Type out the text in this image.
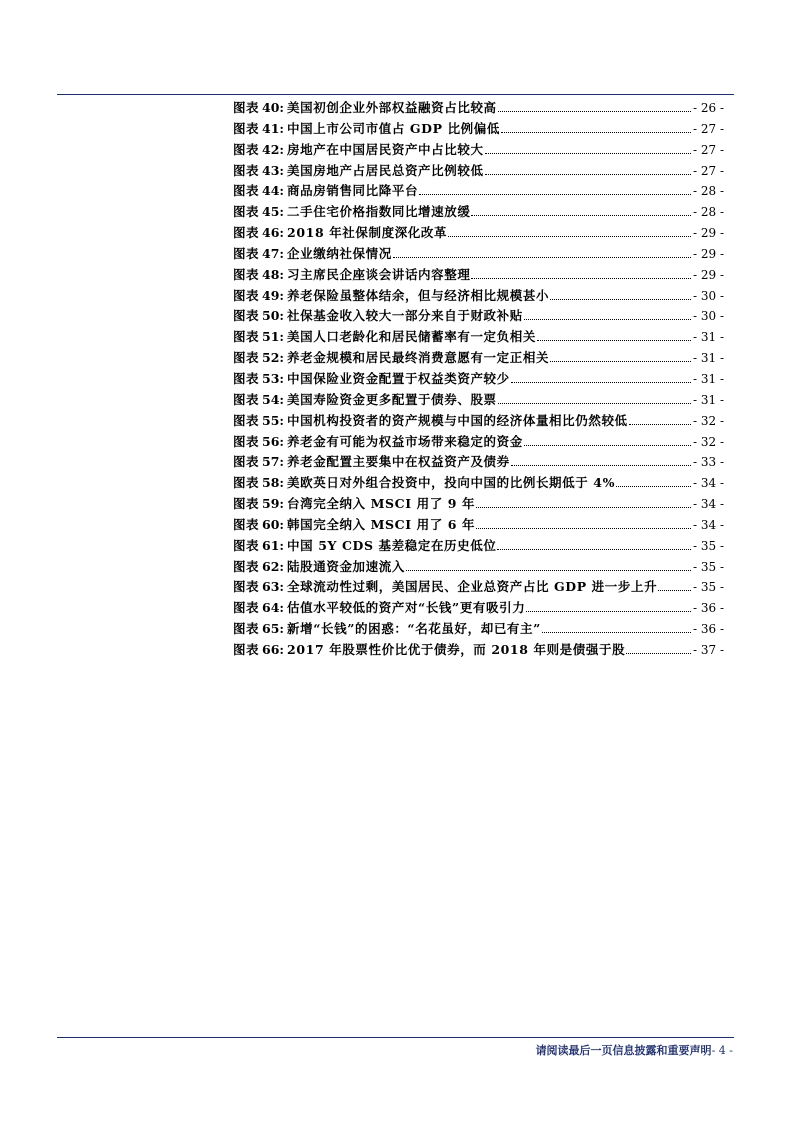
图表 40 : 美国初创企业外部权益融资占比较高	- 26 -
图表 41 : 中国上市公司市值占 GDP 比例偏低	- 27 -
图表 42 : 房地产在中国居民资产中占比较大	- 27 -
图表 43 : 美国房地产占居民总资产比例较低	- 27 -
图表 44 : 商品房销售同比降平台	- 28 -
图表 45 : 二手住宅价格指数同比增速放缓	- 28 -
图表 46 : 2018 年社保制度深化改革	- 29 -
图表 47 : 企业缴纳社保情况	- 29 -
图表 48 : 习主席民企座谈会讲话内容整理	- 29 -
图表 49 : 养老保险虽整体结余，但与经济相比规模甚小	- 30 -
图表 50 : 社保基金收入较大一部分来自于财政补贴	- 30 -
图表 51 : 美国人口老龄化和居民储蓄率有一定负相关	- 31 -
图表 52 : 养老金规模和居民最终消费意愿有一定正相关	- 31 -
图表 53 : 中国保险业资金配置于权益类资产较少	- 31 -
图表 54 : 美国寿险资金更多配置于债券、股票	- 31 -
图表 55 : 中国机构投资者的资产规模与中国的经济体量相比仍然较低	- 32 -
图表 56 : 养老金有可能为权益市场带来稳定的资金	- 32 -
图表 57 : 养老金配置主要集中在权益资产及债券	- 33 -
图表 58 : 美欧英日对外组合投资中，投向中国的比例长期低于 4%	- 34 -
图表 59 : 台湾完全纳入 MSCI 用了 9 年	- 34 -
图表 60 : 韩国完全纳入 MSCI 用了 6 年	- 34 -
图表 61 : 中国 5Y CDS 基差稳定在历史低位	- 35 -
图表 62 : 陆股通资金加速流入	- 35 -
图表 63 : 全球流动性过剩，美国居民、企业总资产占比 GDP 进一步上升	- 35 -
图表 64 : 估值水平较低的资产对“长钱”更有吸引力	- 36 -
图表 65 : 新增“长钱”的困惑：“名花虽好，却已有主”	- 36 -
图表 66 : 2017 年股票性价比优于债券，而 2018 年则是债强于股	- 37 -
请阅读最后一页信息披露和重要声明- 4 -
